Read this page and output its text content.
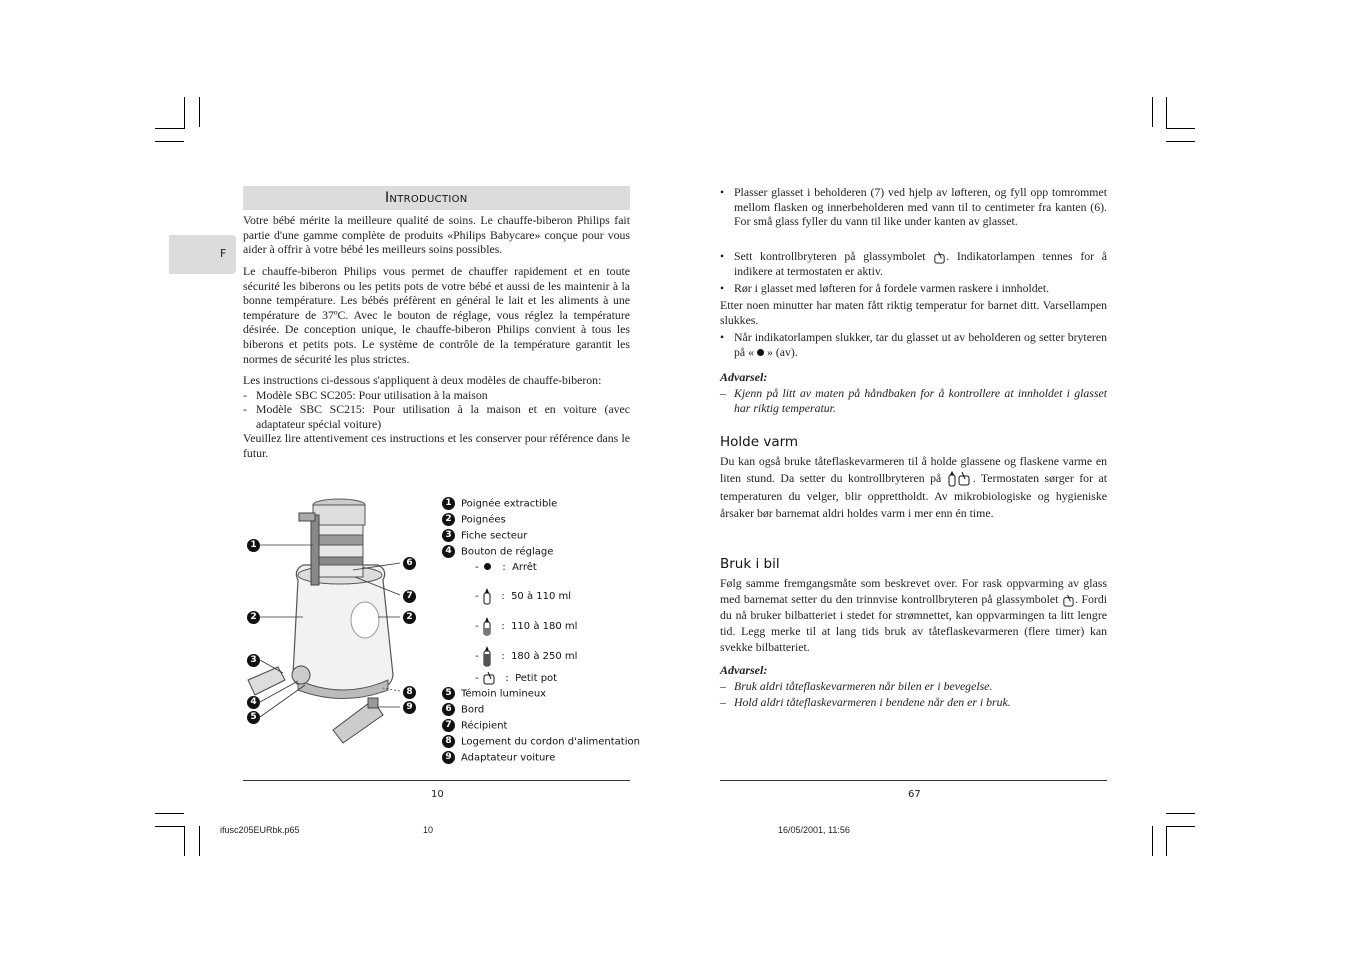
F
Introduction

Votre bébé mérite la meilleure qualité de soins. Le chauffe-biberon Philips fait partie d'une gamme complète de produits «Philips Babycare» conçue pour vous aider à offrir à votre bébé les meilleurs soins possibles.

Le chauffe-biberon Philips vous permet de chauffer rapidement et en toute sécurité les biberons ou les petits pots de votre bébé et aussi de les maintenir à la bonne température. Les bébés préfèrent en général le lait et les aliments à une température de 37ºC. Avec le bouton de réglage, vous réglez la température désirée. De conception unique, le chauffe-biberon Philips convient à tous les biberons et petits pots. Le système de contrôle de la température garantit les normes de sécurité les plus strictes.

Les instructions ci-dessous s'appliquent à deux modèles de chauffe-biberon:

- Modèle SBC SC205: Pour utilisation à la maison

- Modèle SBC SC215: Pour utilisation à la maison et en voiture (avec adaptateur spécial voiture)

Veuillez lire attentivement ces instructions et les conserver pour référence dans le futur.

1
2	2
6
7
3
4
5
8
9
1 Poignée extractible
2 Poignées
3 Fiche secteur
4 Bouton de réglage
-    :  Arrêt
-    :  50 à 110 ml
-    :  110 à 180 ml
-    :  180 à 250 ml
-    :  Petit pot
5 Témoin lumineux
6 Bord
7 Récipient
8 Logement du cordon d'alimentation
9 Adaptateur voiture
10
• Plasser glasset i beholderen (7) ved hjelp av løfteren, og fyll opp tomrommet mellom flasken og innerbeholderen med vann til to centimeter fra kanten (6). For små glass fyller du vann til like under kanten av glasset.

• Sett kontrollbryteren på glassymbolet . Indikatorlampen tennes for å indikere at termostaten er aktiv.

• Rør i glasset med løfteren for å fordele varmen raskere i innholdet.

Etter noen minutter har maten fått riktig temperatur for barnet ditt. Varsellampen slukkes.

• Når indikatorlampen slukker, tar du glasset ut av beholderen og setter bryteren på « » (av).

Advarsel:
– Kjenn på litt av maten på håndbaken for å kontrollere at innholdet i glasset har riktig temperatur.

Holde varm

Du kan også bruke tåteflaskevarmeren til å holde glassene og flaskene varme en liten stund. Da setter du kontrollbryteren på	. Termostaten sørger for at temperaturen du velger, blir opprettholdt. Av mikrobiologiske og hygieniske årsaker bør barnemat aldri holdes varm i mer enn én time.

Bruk i bil

Følg samme fremgangsmåte som beskrevet over. For rask oppvarming av glass med barnemat setter du den trinnvise kontrollbryteren på glassymbolet . Fordi du nå bruker bilbatteriet i stedet for strømnettet, kan oppvarmingen ta litt lengre tid. Legg merke til at lang tids bruk av tåteflaskevarmeren (flere timer) kan svekke bilbatteriet.

Advarsel:
– Bruk aldri tåteflaskevarmeren når bilen er i bevegelse.

– Hold aldri tåteflaskevarmeren i bendene når den er i bruk.

67
ifusc205EURbk.p65	10	16/05/2001, 11:56
